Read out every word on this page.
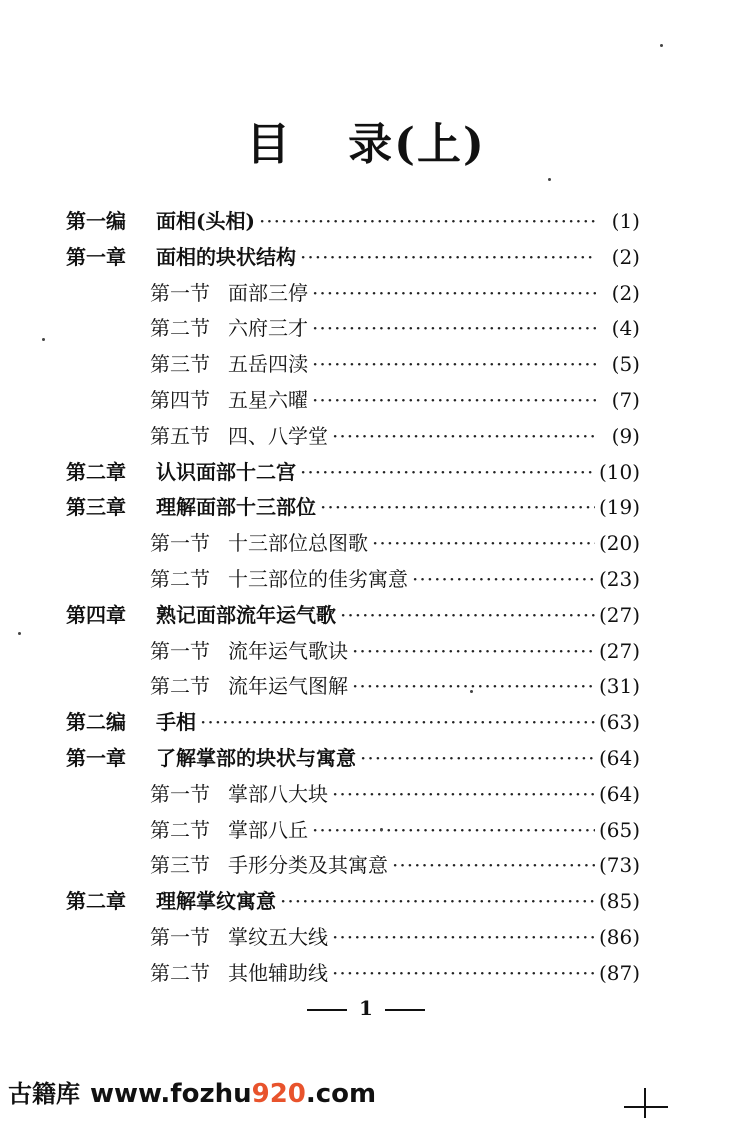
目 录(上)
第一编	面相(头相) ·····	(1)
第一章	面相的块状结构 ·····	(2)
第一节 面部三停 ·····	(2)
第二节 六府三才 ·····	(4)
第三节 五岳四渎 ·····	(5)
第四节 五星六曜 ·····	(7)
第五节 四、八学堂 ·····	(9)
第二章	认识面部十二宫 ·····	(10)
第三章	理解面部十三部位 ·····	(19)
第一节 十三部位总图歌 ·····	(20)
第二节 十三部位的佳劣寓意 ·····	(23)
第四章	熟记面部流年运气歌 ·····	(27)
第一节 流年运气歌诀 ·····	(27)
第二节 流年运气图解 ·····	(31)
第二编	手相 ·····	(63)
第一章	了解掌部的块状与寓意 ·····	(64)
第一节 掌部八大块 ·····	(64)
第二节 掌部八丘 ·····	(65)
第三节 手形分类及其寓意 ·····	(73)
第二章	理解掌纹寓意 ·····	(85)
第一节 掌纹五大线 ·····	(86)
第二节 其他辅助线 ·····	(87)
1
古籍库 www.fozhu920.com
